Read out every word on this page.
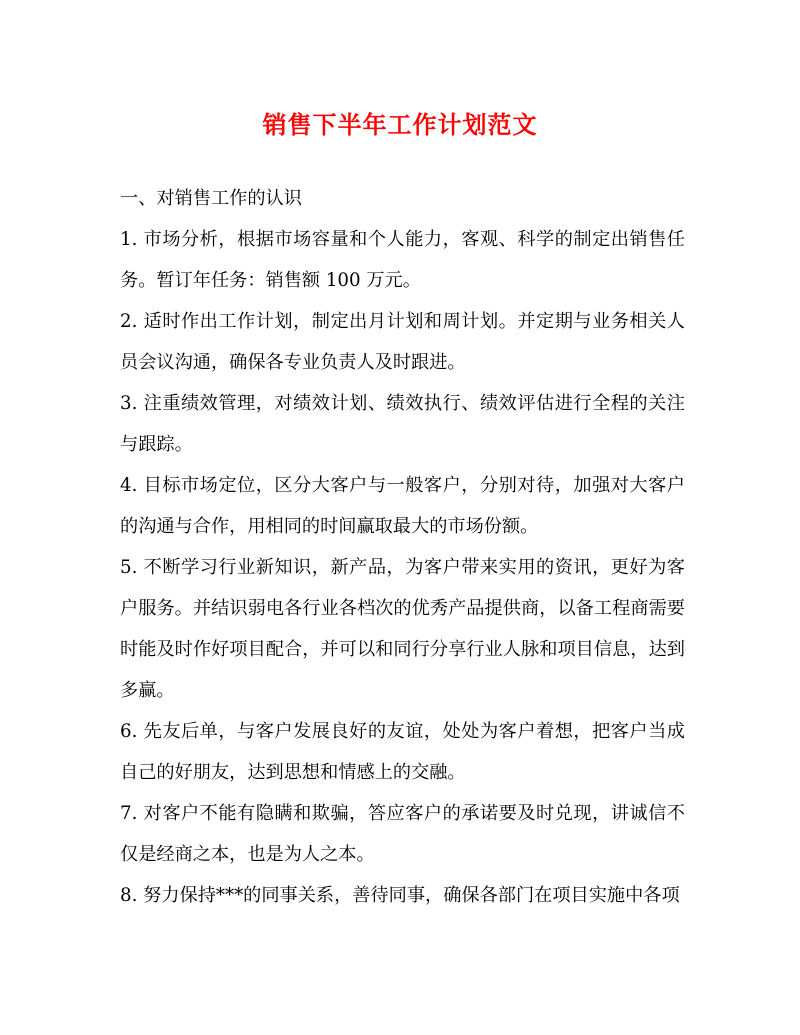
销售下半年工作计划范文

一、对销售工作的认识

1. 市场分析，根据市场容量和个人能力，客观、科学的制定出销售任务。暂订年任务：销售额 100 万元。

2. 适时作出工作计划，制定出月计划和周计划。并定期与业务相关人员会议沟通，确保各专业负责人及时跟进。

3. 注重绩效管理，对绩效计划、绩效执行、绩效评估进行全程的关注与跟踪。

4. 目标市场定位，区分大客户与一般客户，分别对待，加强对大客户的沟通与合作，用相同的时间赢取最大的市场份额。

5. 不断学习行业新知识，新产品，为客户带来实用的资讯，更好为客户服务。并结识弱电各行业各档次的优秀产品提供商，以备工程商需要时能及时作好项目配合，并可以和同行分享行业人脉和项目信息，达到多赢。

6. 先友后单，与客户发展良好的友谊，处处为客户着想，把客户当成自己的好朋友，达到思想和情感上的交融。

7. 对客户不能有隐瞒和欺骗，答应客户的承诺要及时兑现，讲诚信不仅是经商之本，也是为人之本。

8. 努力保持***的同事关系，善待同事，确保各部门在项目实施中各项
